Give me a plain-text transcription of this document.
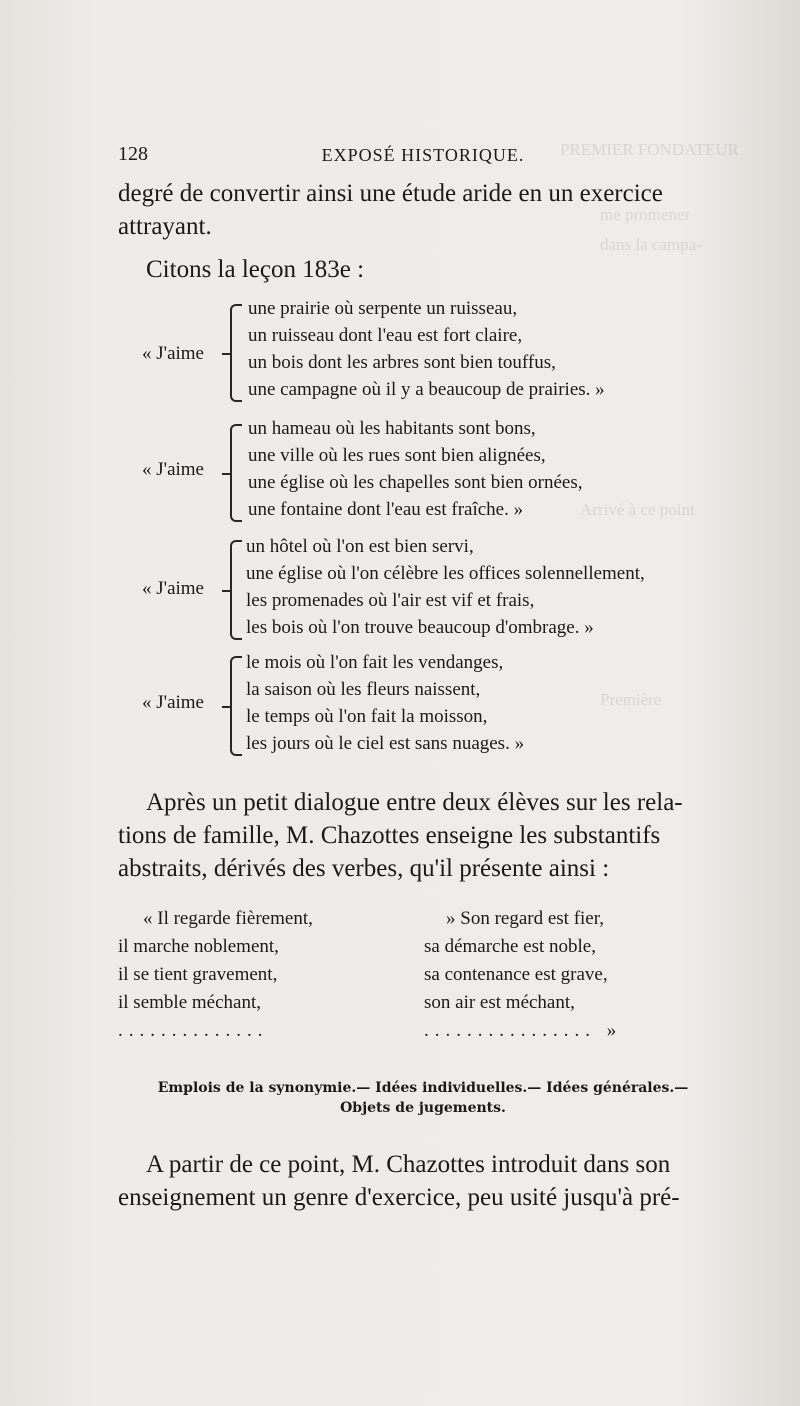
PREMIER FONDATEUR
me promener
dans la campa-
Arrivé à ce point
Première
128	EXPOSÉ HISTORIQUE.
degré de convertir ainsi une étude aride en un exercice
attrayant.
Citons la leçon 183e :
« J'aime
une prairie où serpente un ruisseau,
un ruisseau dont l'eau est fort claire,
un bois dont les arbres sont bien touffus,
une campagne où il y a beaucoup de prairies. »
« J'aime
un hameau où les habitants sont bons,
une ville où les rues sont bien alignées,
une église où les chapelles sont bien ornées,
une fontaine dont l'eau est fraîche. »
« J'aime
un hôtel où l'on est bien servi,
une église où l'on célèbre les offices solennellement,
les promenades où l'air est vif et frais,
les bois où l'on trouve beaucoup d'ombrage. »
« J'aime
le mois où l'on fait les vendanges,
la saison où les fleurs naissent,
le temps où l'on fait la moisson,
les jours où le ciel est sans nuages. »
Après un petit dialogue entre deux élèves sur les rela-
tions de famille, M. Chazottes enseigne les substantifs
abstraits, dérivés des verbes, qu'il présente ainsi :
« Il regarde fièrement,
il marche noblement,
il se tient gravement,
il semble méchant,
» Son regard est fier,
sa démarche est noble,
sa contenance est grave,
son air est méchant,
..............	................ »
Emplois de la synonymie.— Idées individuelles.— Idées générales.—
Objets de jugements.
A partir de ce point, M. Chazottes introduit dans son
enseignement un genre d'exercice, peu usité jusqu'à pré-
